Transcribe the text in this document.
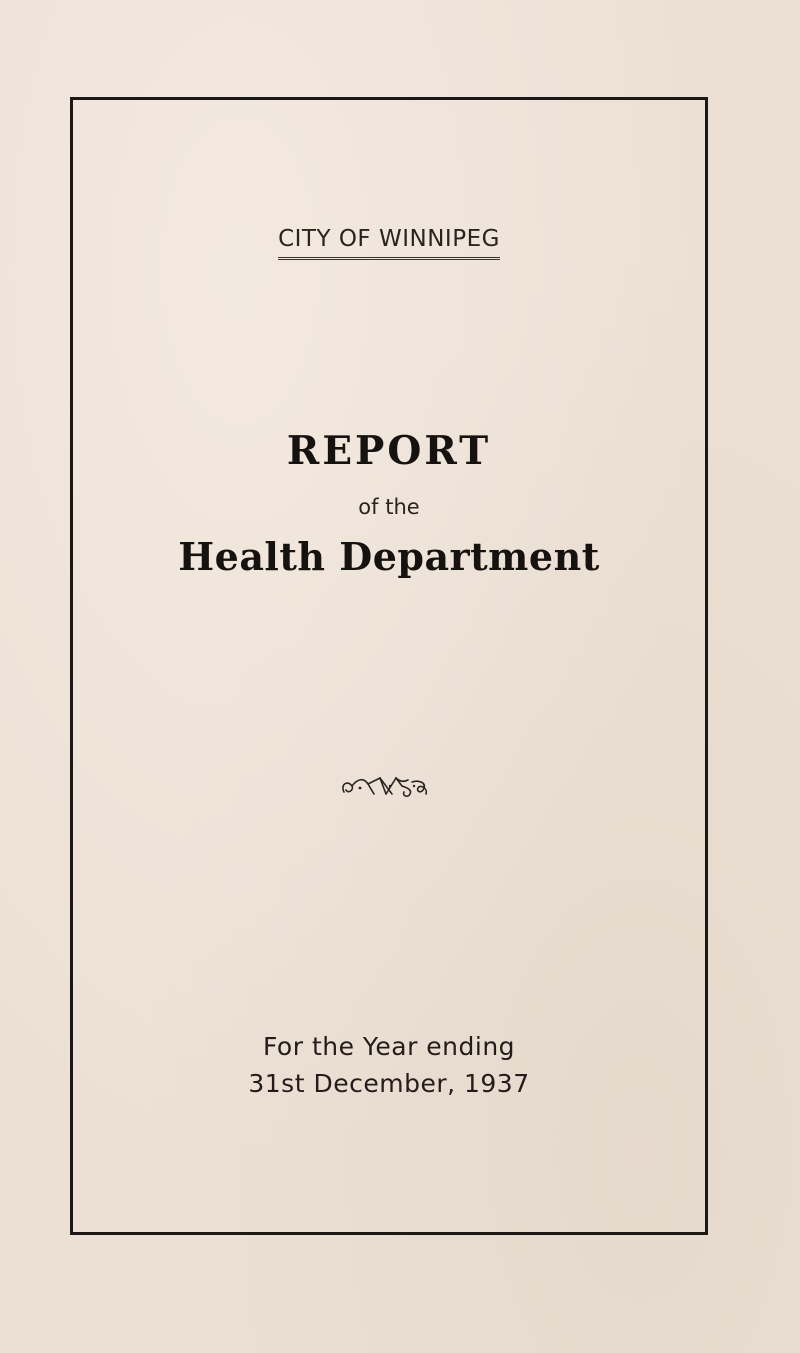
CITY OF WINNIPEG
REPORT
of the
Health Department
For the Year ending
31st December, 1937
